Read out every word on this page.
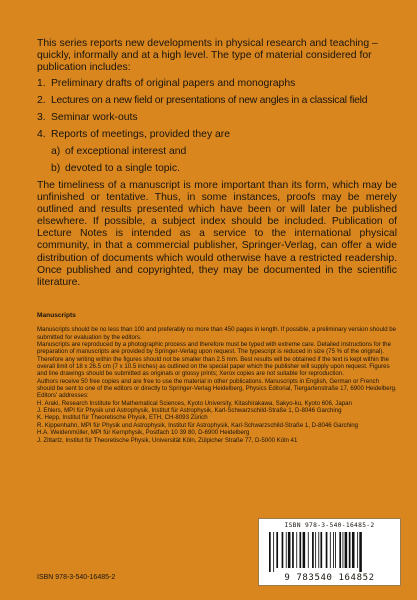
This series reports new developments in physical research and teaching – quickly, informally and at a high level. The type of material considered for publication includes:

1. Preliminary drafts of original papers and monographs
2. Lectures on a new field or presentations of new angles in a classical field
3. Seminar work-outs
4. Reports of meetings, provided they are
a) of exceptional interest and
b) devoted to a single topic.

The timeliness of a manuscript is more important than its form, which may be unfinished or tentative. Thus, in some instances, proofs may be merely outlined and results presented which have been or will later be published elsewhere. If possible, a subject index should be included. Publication of Lecture Notes is intended as a service to the international physical community, in that a commercial publisher, Springer-Verlag, can offer a wide distribution of documents which would otherwise have a restricted readership. Once published and copyrighted, they may be documented in the scientific literature.

Manuscripts

Manuscripts should be no less than 100 and preferably no more than 450 pages in length. If possible, a preliminary version should be submitted for evaluation by the editors.

Manuscripts are reproduced by a photographic process and therefore must be typed with extreme care. Detailed instructions for the preparation of manuscripts are provided by Springer-Verlag upon request. The typescript is reduced in size (75 % of the original). Therefore any writing within the figures should not be smaller than 2.5 mm. Best results will be obtained if the text is kept within the overall limit of 18 x 26.5 cm (7 x 10.5 inches) as outlined on the special paper which the publisher will supply upon request. Figures and line drawings should be submitted as originals or glossy prints; Xerox copies are not suitable for reproduction.

Authors receive 50 free copies and are free to use the material in other publications. Manuscripts in English, German or French should be sent to one of the editors or directly to Springer-Verlag Heidelberg, Physics Editorial, Tiergartenstraße 17, 6900 Heidelberg.

Editors' addresses:

H. Araki, Research Institute for Mathematical Sciences, Kyoto University, Kitashirakawa, Sakyo-ku, Kyoto 606, Japan

J. Ehlers, MPI für Physik und Astrophysik, Institut für Astrophysik, Karl-Schwarzschild-Straße 1, D-8046 Garching

K. Hepp, Institut für Theoretische Physik, ETH, CH-8093 Zürich

R. Kippenhahn, MPI für Physik und Astrophysik, Institut für Astrophysik, Karl-Schwarzschild-Straße 1, D-8046 Garching

H.A. Weidenmüller, MPI für Kernphysik, Postfach 10 39 80, D-6900 Heidelberg

J. Zittartz, Institut für Theoretische Physik, Universität Köln, Zülpicher Straße 77, D-5000 Köln 41

ISBN 978-3-540-16485-2
9 783540 164852
ISBN 978-3-540-16485-2
